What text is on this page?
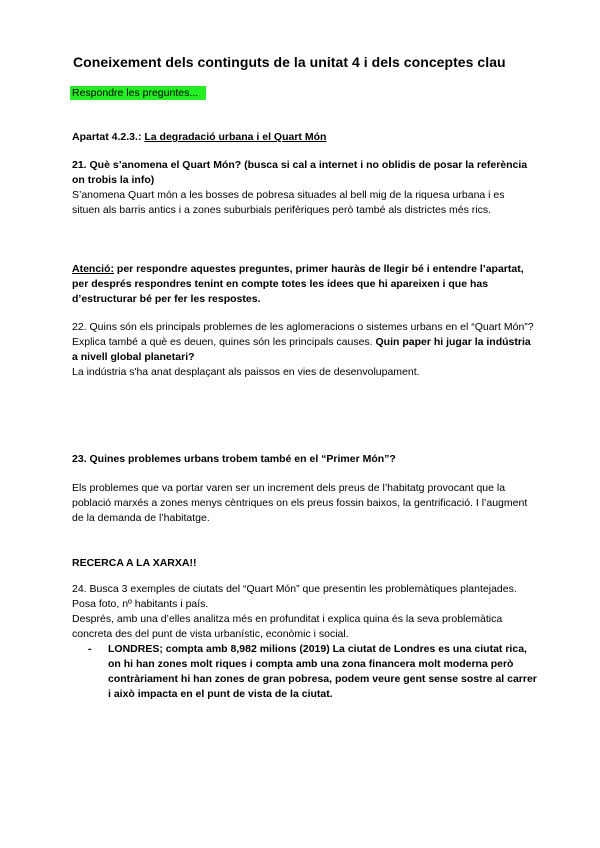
Coneixement dels continguts de la unitat 4 i dels conceptes clau
Respondre les preguntes...
Apartat 4.2.3.: La degradació urbana i el Quart Món
21. Què s’anomena el Quart Món? (busca si cal a internet i no oblidis de posar la referència on trobis la info)
S’anomena Quart món a les bosses de pobresa situades al bell mig de la riquesa urbana i es situen als barris antics i a zones suburbials perifèriques però també als districtes més rics.
Atenció: per respondre aquestes preguntes, primer hauràs de llegir bé i entendre l’apartat, per després respondres tenint en compte totes les idees que hi apareixen i que has d’estructurar bé per fer les respostes.
22. Quins són els principals problemes de les aglomeracions o sistemes urbans en el “Quart Món”? Explica també a què es deuen, quines són les principals causes. Quin paper hi jugar la indústria a nivell global planetari?
La indústria s'ha anat desplaçant als paissos en vies de desenvolupament.
23. Quines problemes urbans trobem també en el “Primer Món”?
Els problemes que va portar varen ser un increment dels preus de l’habitatg provocant que la població marxés a zones menys cèntriques on els preus fossin baixos, la gentrificació. I l’augment de la demanda de l’habitatge.
RECERCA A LA XARXA!!
24. Busca 3 exemples de ciutats del “Quart Món” que presentin les problemàtiques plantejades. Posa foto, nº habitants i país.
Després, amb una d’elles analitza més en profunditat i explica quina és la seva problemàtica concreta des del punt de vista urbanístic, econòmic i social.
- LONDRES; compta amb 8,982 milions (2019) La ciutat de Londres es una ciutat rica, on hi han zones molt riques i compta amb una zona financera molt moderna però contràriament hi han zones de gran pobresa, podem veure gent sense sostre al carrer i això impacta en el punt de vista de la ciutat.
